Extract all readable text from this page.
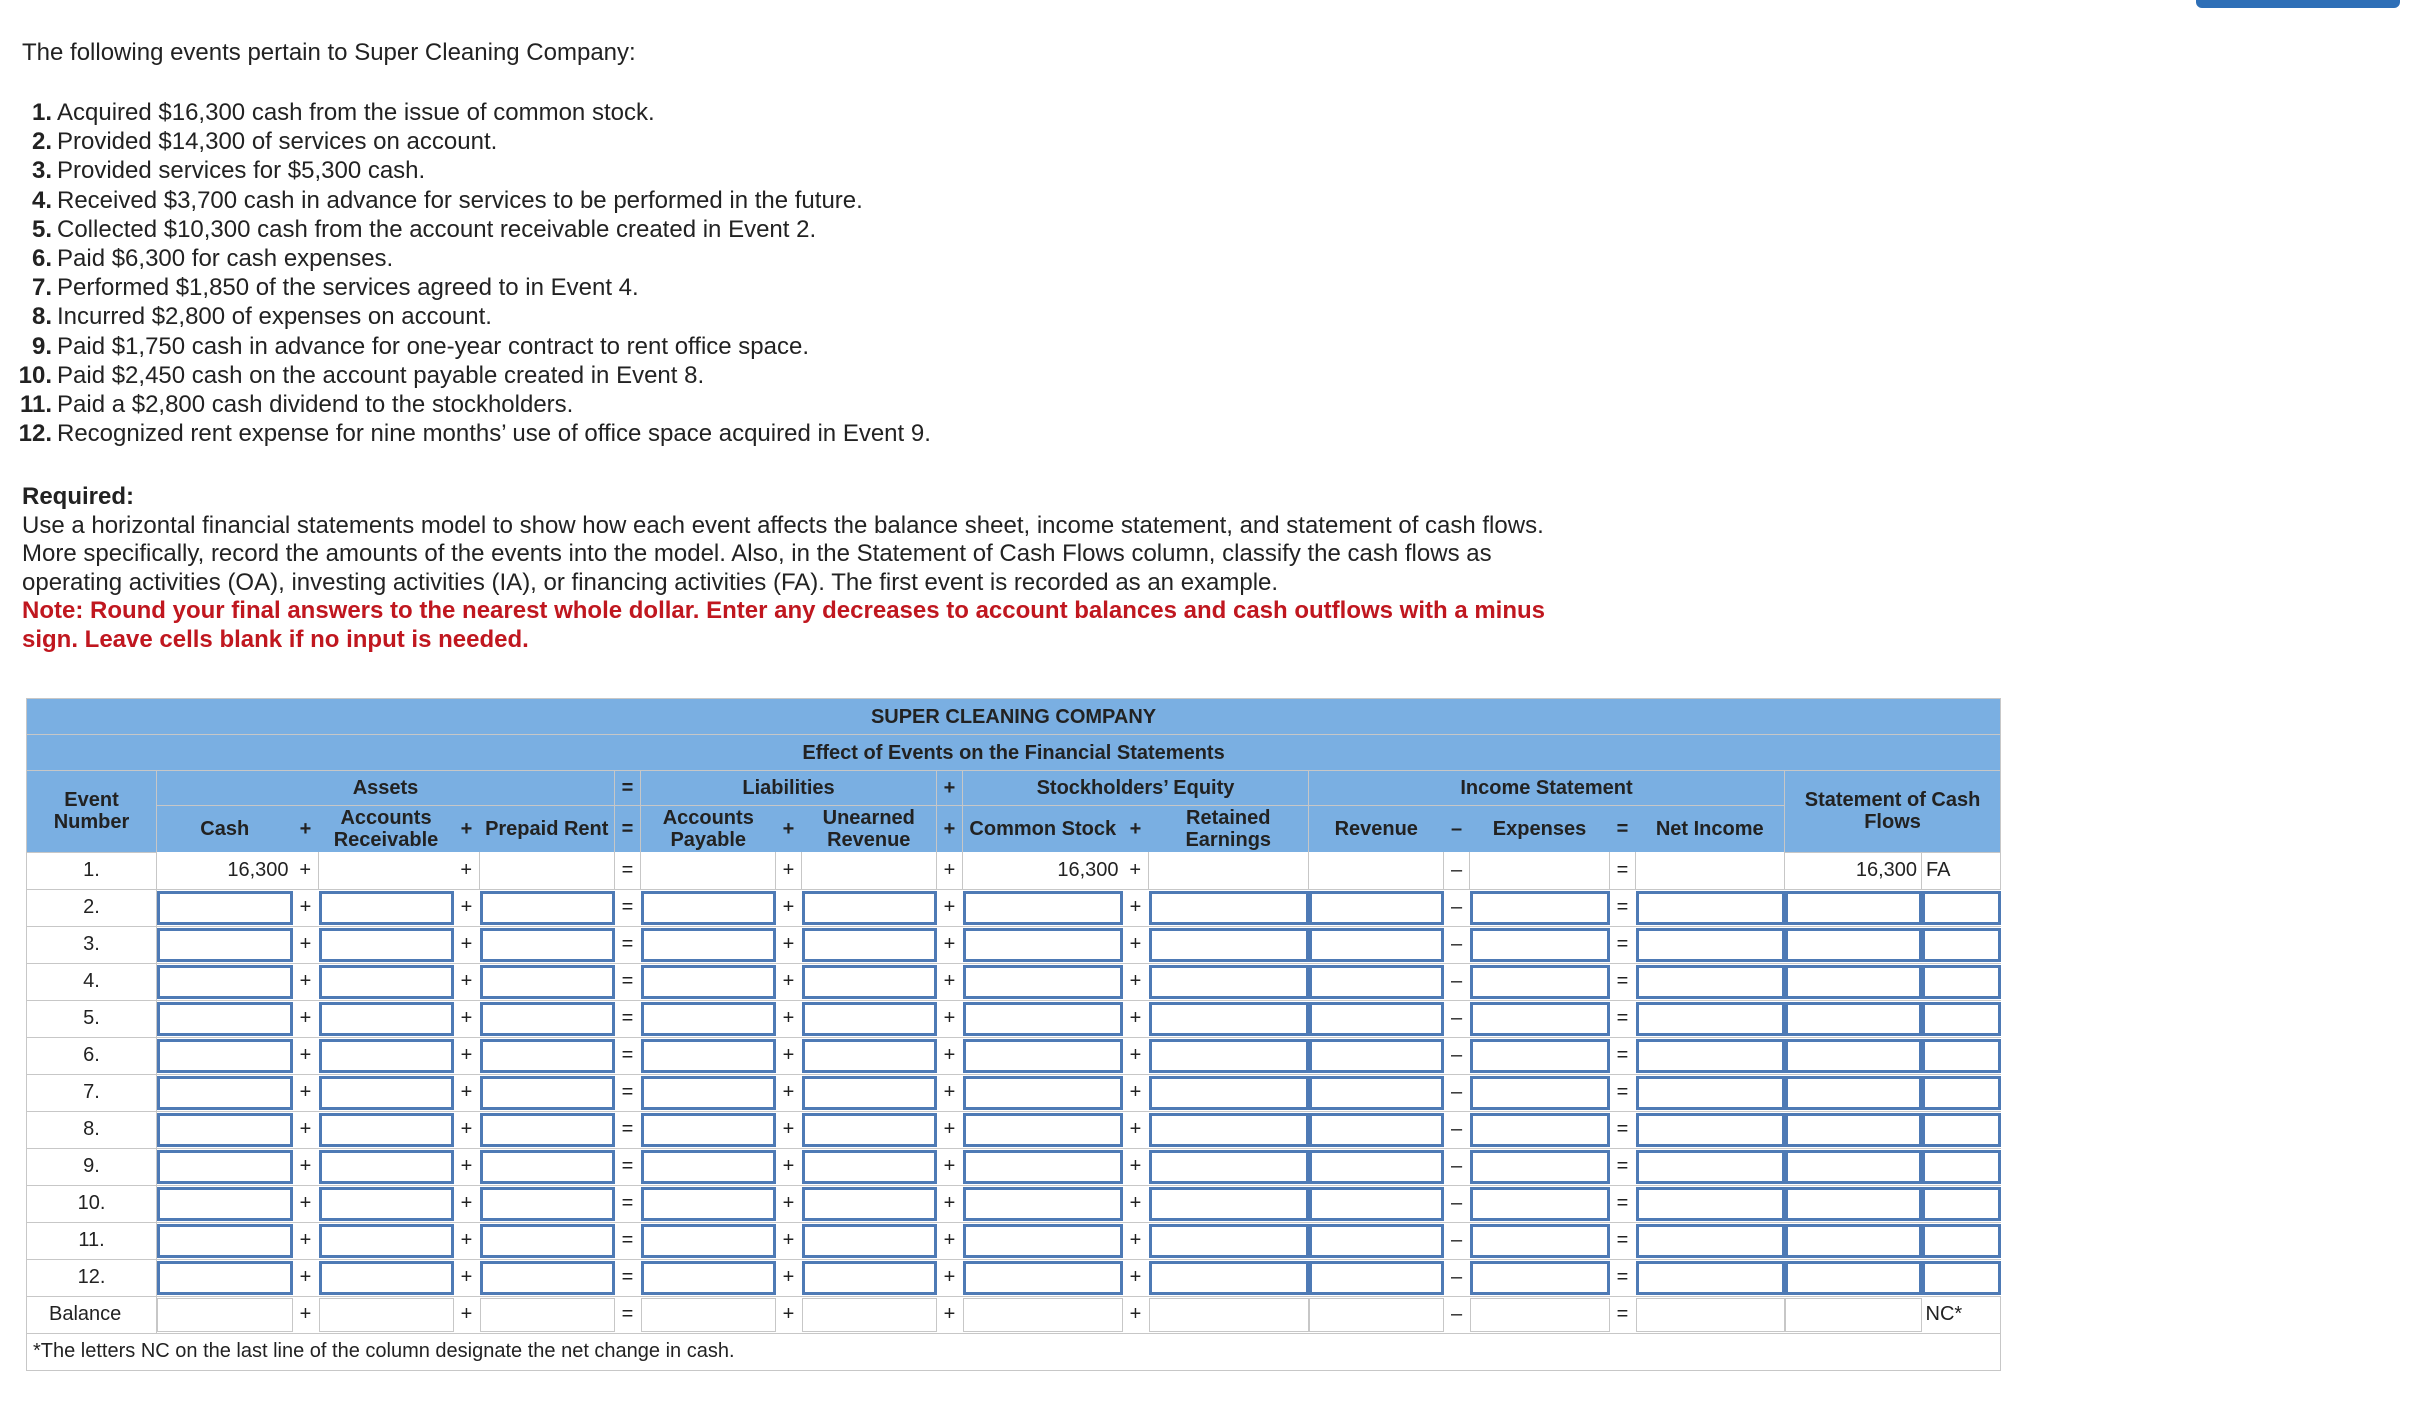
The following events pertain to Super Cleaning Company:
1. Acquired $16,300 cash from the issue of common stock.
2. Provided $14,300 of services on account.
3. Provided services for $5,300 cash.
4. Received $3,700 cash in advance for services to be performed in the future.
5. Collected $10,300 cash from the account receivable created in Event 2.
6. Paid $6,300 for cash expenses.
7. Performed $1,850 of the services agreed to in Event 4.
8. Incurred $2,800 of expenses on account.
9. Paid $1,750 cash in advance for one-year contract to rent office space.
10. Paid $2,450 cash on the account payable created in Event 8.
11. Paid a $2,800 cash dividend to the stockholders.
12. Recognized rent expense for nine months’ use of office space acquired in Event 9.
Required:
Use a horizontal financial statements model to show how each event affects the balance sheet, income statement, and statement of cash flows. More specifically, record the amounts of the events into the model. Also, in the Statement of Cash Flows column, classify the cash flows as operating activities (OA), investing activities (IA), or financing activities (FA). The first event is recorded as an example.
Note: Round your final answers to the nearest whole dollar. Enter any decreases to account balances and cash outflows with a minus sign. Leave cells blank if no input is needed.
SUPER CLEANING COMPANY																				
Effect of Events on the Financial Statements																				
Event Number	Assets					=	Liabilities			+	Stockholders’ Equity			Income Statement					Statement of Cash Flows	
	Cash	+	Accounts Receivable	+	Prepaid Rent	=	Accounts Payable	+	Unearned Revenue	+	Common Stock	+	Retained Earnings	Revenue	–	Expenses	=	Net Income		
1.	16,300	+		+		=		+		+	16,300	+			–		=		16,300	FA
2.		+		+		=		+		+		+			–		=	

3.		+		+		=		+		+		+			–		=	

4.		+		+		=		+		+		+			–		=	

5.		+		+		=		+		+		+			–		=	

6.		+		+		=		+		+		+			–		=	

7.		+		+		=		+		+		+			–		=	

8.		+		+		=		+		+		+			–		=	

9.		+		+		=		+		+		+			–		=	

10.		+		+		=		+		+		+			–		=	

11.		+		+		=		+		+		+			–		=	

12.		+		+		=		+		+		+			–		=	

Balance		+		+		=		+		+		+			–		=			NC*
*The letters NC on the last line of the column designate the net change in cash.																				
